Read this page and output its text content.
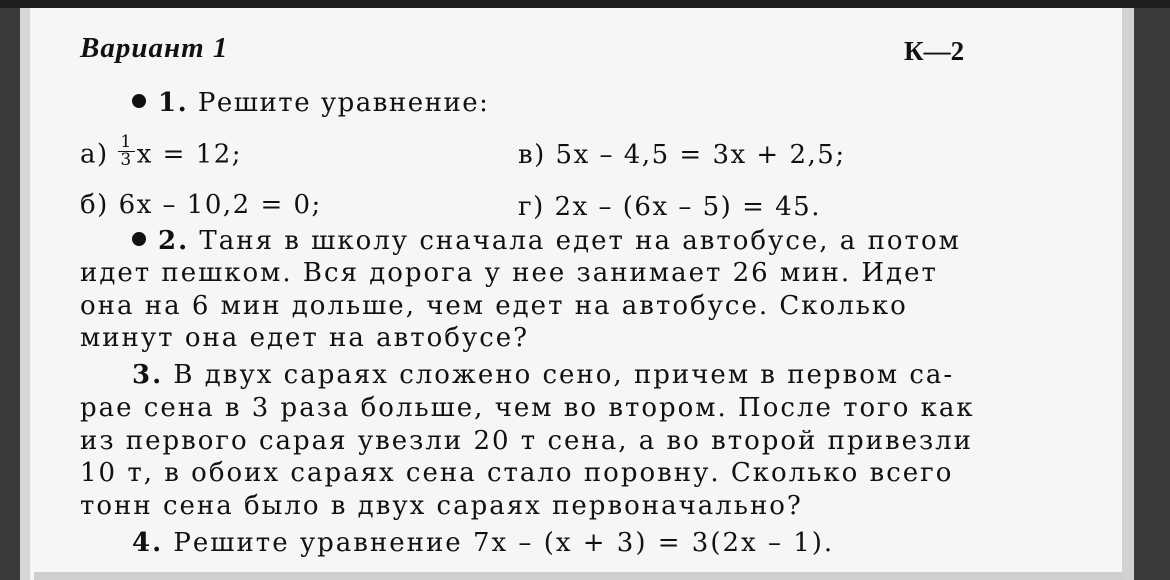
Вариант 1	К—2
1. Решите уравнение:
$а) \frac{1}{3}$ x = 12;	в) 5x – 4,5 = 3x + 2,5;
б) 6x – 10,2 = 0;	г) 2x – (6x – 5) = 45.
2. Таня в школу сначала едет на автобусе, а потом
идет пешком. Вся дорога у нее занимает 26 мин. Идет
она на 6 мин дольше, чем едет на автобусе. Сколько
минут она едет на автобусе?
3. В двух сараях сложено сено, причем в первом са-
рае сена в 3 раза больше, чем во втором. После того как
из первого сарая увезли 20 т сена, а во второй привезли
10 т, в обоих сараях сена стало поровну. Сколько всего
тонн сена было в двух сараях первоначально?
4. Решите уравнение 7x – (x + 3) = 3(2x – 1).
